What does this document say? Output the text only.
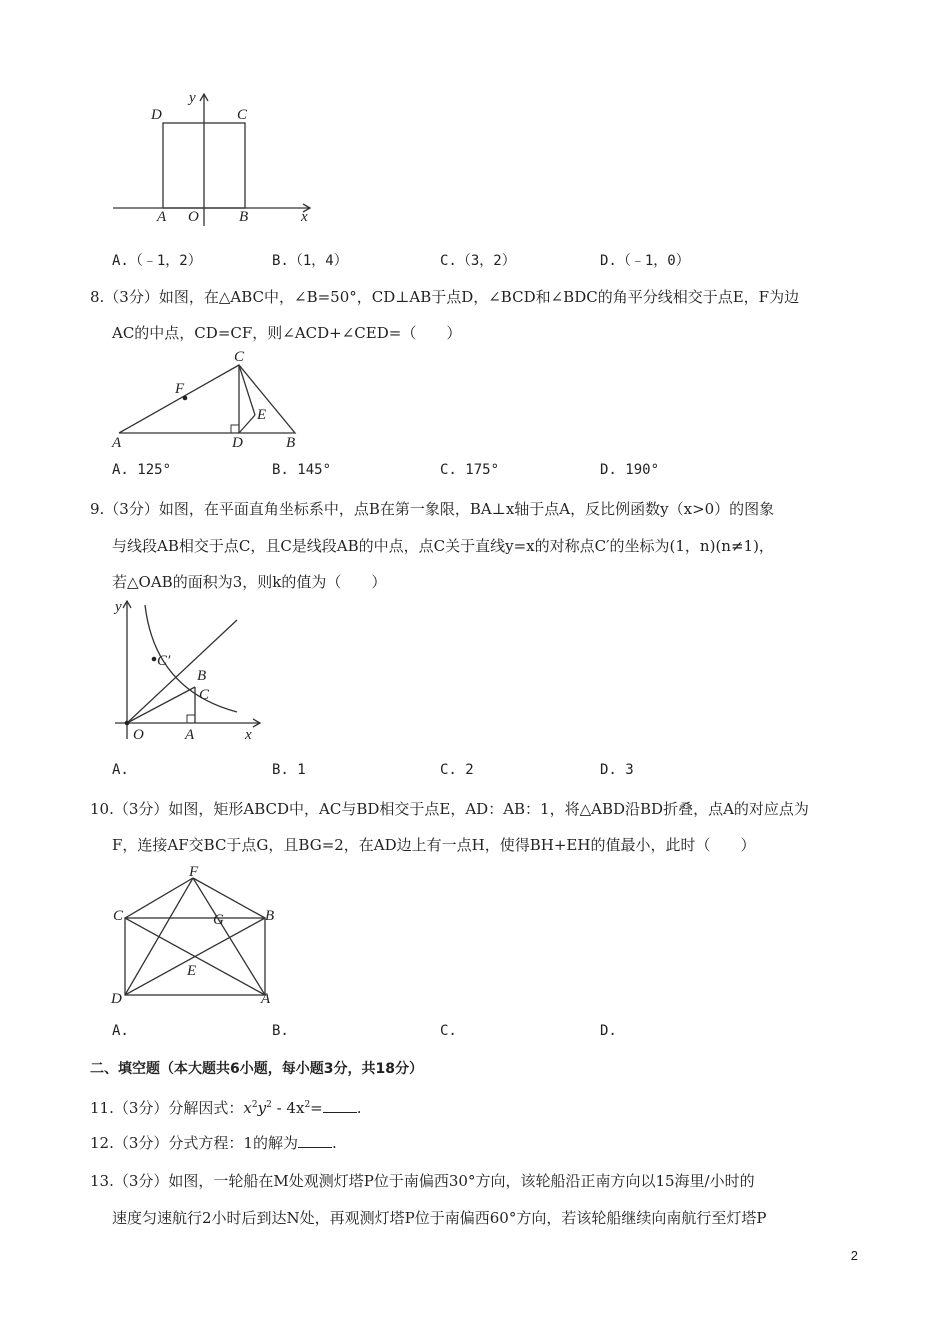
D	C
A O	B	x
y
A.（﹣1，2）	B.（1，4）	C.（3，2）	D.（﹣1，0）
8.（3分）如图，在△ABC中，∠B=50°，CD⊥AB于点D，∠BCD和∠BDC的角平分线相交于点E，F为边
AC的中点，CD=CF，则∠ACD+∠CED=（　　）
C
F
E
A	D	B
A. 125°	B. 145°	C. 175°	D. 190°
9.（3分）如图，在平面直角坐标系中，点B在第一象限，BA⊥x轴于点A，反比例函数y（x>0）的图象
与线段AB相交于点C，且C是线段AB的中点，点C关于直线y=x的对称点C′的坐标为(1，n)(n≠1)，
若△OAB的面积为3，则k的值为（　　）
y
C′
B
C
O	A	x
A.	B. 1	C. 2	D. 3
10.（3分）如图，矩形ABCD中，AC与BD相交于点E，AD：AB：1，将△ABD沿BD折叠，点A的对应点为
F，连接AF交BC于点G，且BG=2，在AD边上有一点H，使得BH+EH的值最小，此时（　　）
F
C	G	B
E
D	A
A.	B.	C.	D.
二、填空题（本大题共6小题，每小题3分，共18分）
11.（3分）分解因式：$x^2y^2 - 4x^2=$ .
12.（3分）分式方程：1的解为 .
13.（3分）如图，一轮船在M处观测灯塔P位于南偏西30°方向，该轮船沿正南方向以15海里/小时的
速度匀速航行2小时后到达N处，再观测灯塔P位于南偏西60°方向，若该轮船继续向南航行至灯塔P
2
